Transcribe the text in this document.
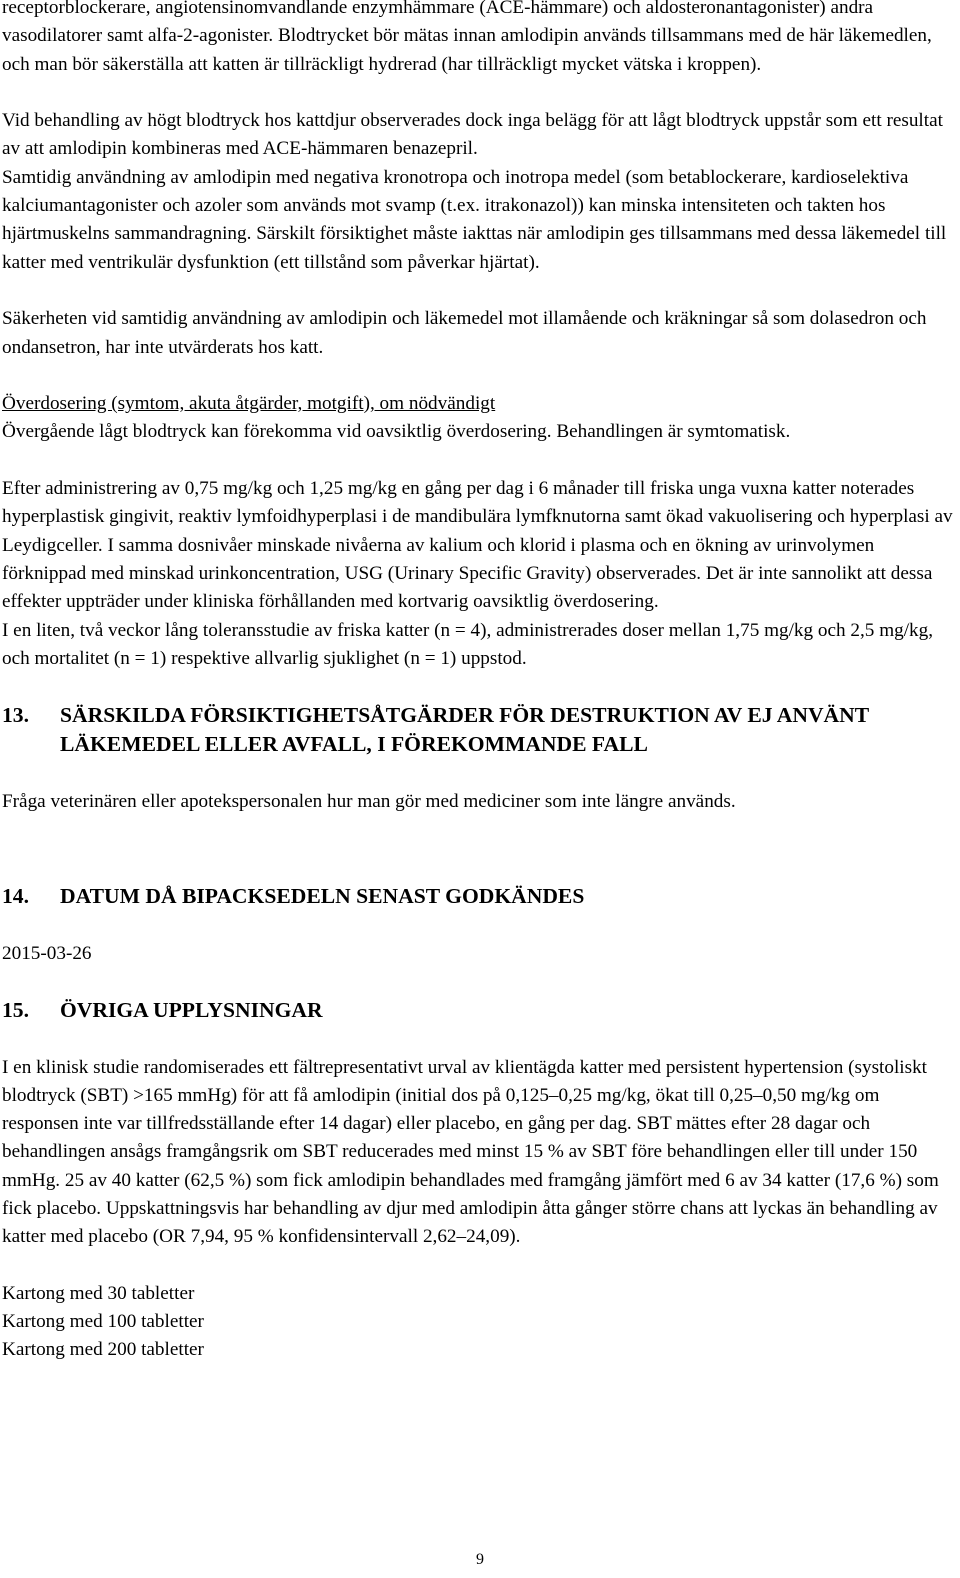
receptorblockerare, angiotensinomvandlande enzymhämmare (ACE-hämmare) och aldosteronantagonister) andra vasodilatorer samt alfa-2-agonister. Blodtrycket bör mätas innan amlodipin används tillsammans med de här läkemedlen, och man bör säkerställa att katten är tillräckligt hydrerad (har tillräckligt mycket vätska i kroppen).

Vid behandling av högt blodtryck hos kattdjur observerades dock inga belägg för att lågt blodtryck uppstår som ett resultat av att amlodipin kombineras med ACE-hämmaren benazepril.

Samtidig användning av amlodipin med negativa kronotropa och inotropa medel (som betablockerare, kardioselektiva kalciumantagonister och azoler som används mot svamp (t.ex. itrakonazol)) kan minska intensiteten och takten hos hjärtmuskelns sammandragning. Särskilt försiktighet måste iakttas när amlodipin ges tillsammans med dessa läkemedel till katter med ventrikulär dysfunktion (ett tillstånd som påverkar hjärtat).

Säkerheten vid samtidig användning av amlodipin och läkemedel mot illamående och kräkningar så som dolasedron och ondansetron, har inte utvärderats hos katt.

Överdosering (symtom, akuta åtgärder, motgift), om nödvändigt

Övergående lågt blodtryck kan förekomma vid oavsiktlig överdosering. Behandlingen är symtomatisk.

Efter administrering av 0,75 mg/kg och 1,25 mg/kg en gång per dag i 6 månader till friska unga vuxna katter noterades hyperplastisk gingivit, reaktiv lymfoidhyperplasi i de mandibulära lymfknutorna samt ökad vakuolisering och hyperplasi av Leydigceller. I samma dosnivåer minskade nivåerna av kalium och klorid i plasma och en ökning av urinvolymen förknippad med minskad urinkoncentration, USG (Urinary Specific Gravity) observerades. Det är inte sannolikt att dessa effekter uppträder under kliniska förhållanden med kortvarig oavsiktlig överdosering.

I en liten, två veckor lång toleransstudie av friska katter (n = 4), administrerades doser mellan 1,75 mg/kg och 2,5 mg/kg, och mortalitet (n = 1) respektive allvarlig sjuklighet (n = 1) uppstod.

13.	SÄRSKILDA FÖRSIKTIGHETSÅTGÄRDER FÖR DESTRUKTION AV EJ ANVÄNT LÄKEMEDEL ELLER AVFALL, I FÖREKOMMANDE FALL

Fråga veterinären eller apotekspersonalen hur man gör med mediciner som inte längre används.

14.	DATUM DÅ BIPACKSEDELN SENAST GODKÄNDES

2015-03-26

15.	ÖVRIGA UPPLYSNINGAR

I en klinisk studie randomiserades ett fältrepresentativt urval av klientägda katter med persistent hypertension (systoliskt blodtryck (SBT) >165 mmHg) för att få amlodipin (initial dos på 0,125–0,25 mg/kg, ökat till 0,25–0,50 mg/kg om responsen inte var tillfredsställande efter 14 dagar) eller placebo, en gång per dag. SBT mättes efter 28 dagar och behandlingen ansågs framgångsrik om SBT reducerades med minst 15 % av SBT före behandlingen eller till under 150 mmHg. 25 av 40 katter (62,5 %) som fick amlodipin behandlades med framgång jämfört med 6 av 34 katter (17,6 %) som fick placebo. Uppskattningsvis har behandling av djur med amlodipin åtta gånger större chans att lyckas än behandling av katter med placebo (OR 7,94, 95 % konfidensintervall 2,62–24,09).

Kartong med 30 tabletter

Kartong med 100 tabletter

Kartong med 200 tabletter

9
